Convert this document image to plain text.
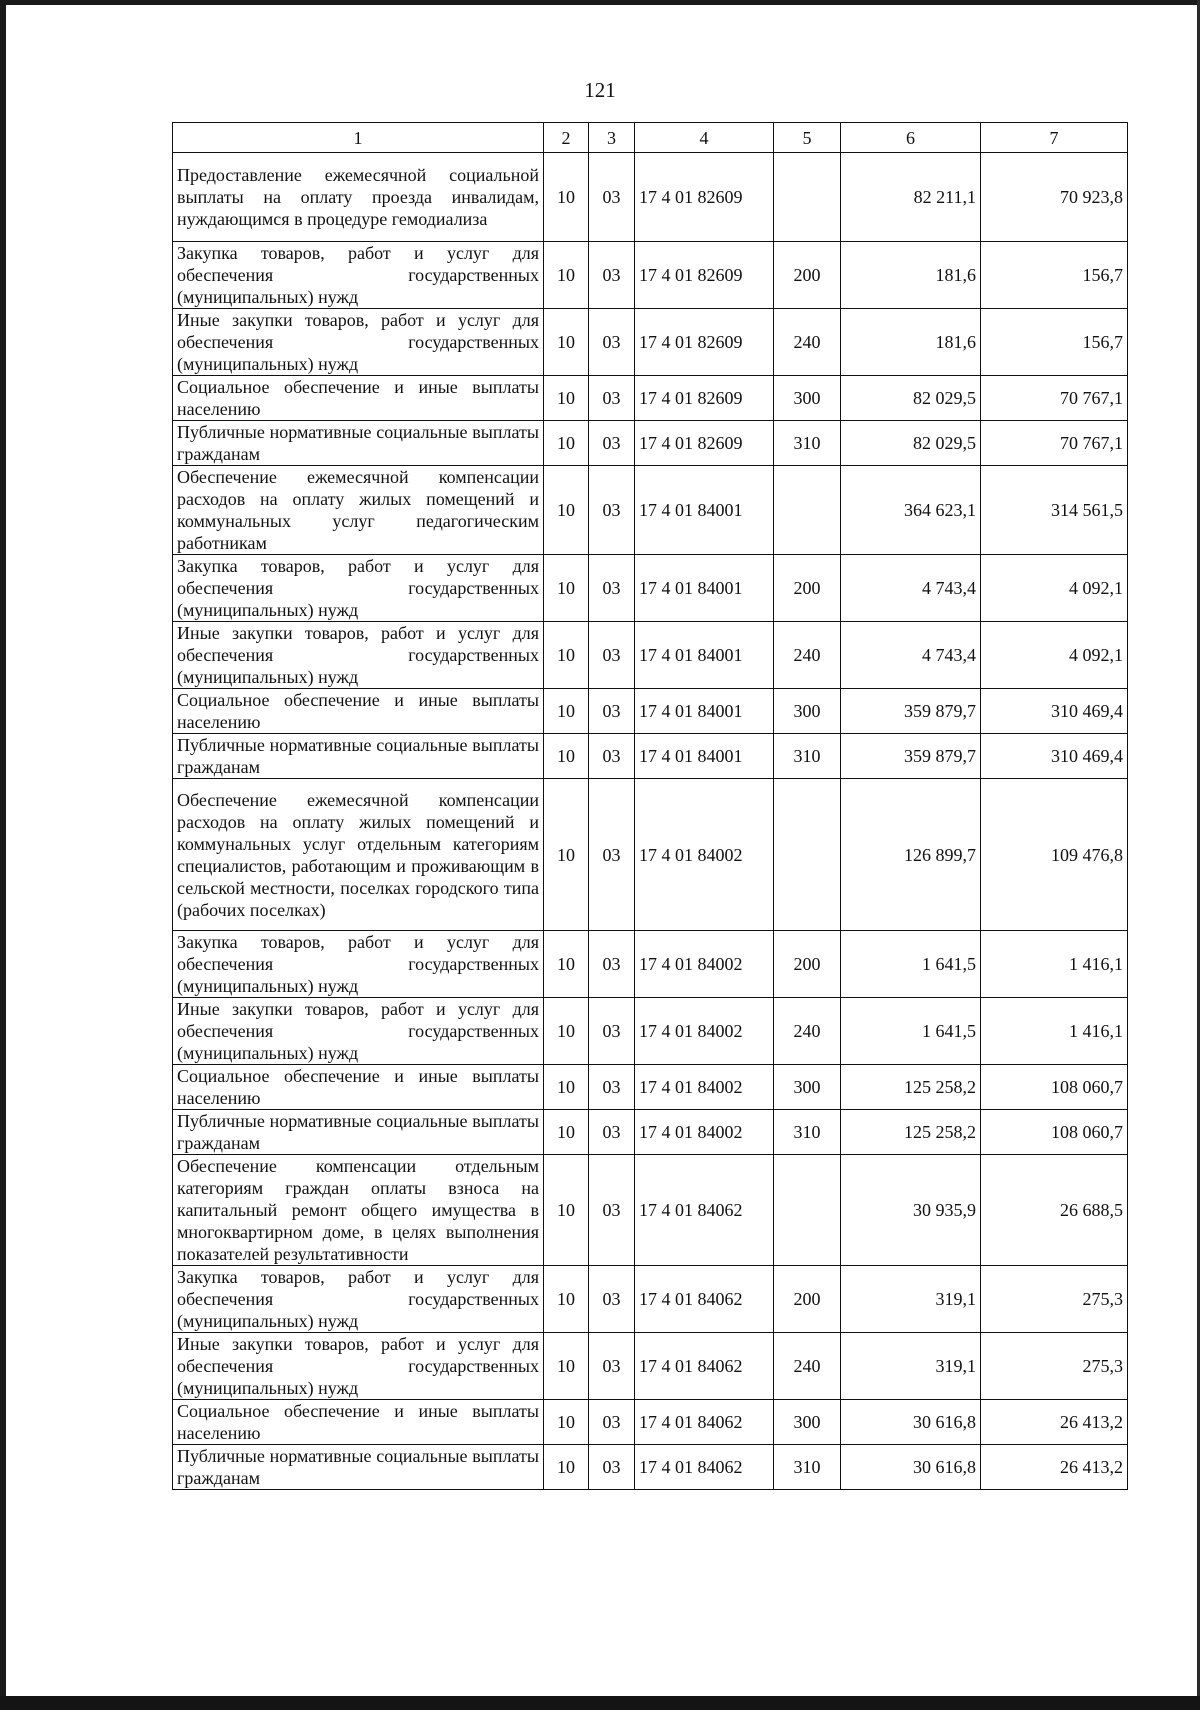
121
1	2	3	4	5	6	7
Предоставление ежемесячной социальной выплаты на оплату проезда инвалидам, нуждающимся в процедуре гемодиализа	10	03	17 4 01 82609		82 211,1	70 923,8
Закупка товаров, работ и услуг для обеспечения государственных (муниципальных) нужд	10	03	17 4 01 82609	200	181,6	156,7
Иные закупки товаров, работ и услуг для обеспечения государственных (муниципальных) нужд	10	03	17 4 01 82609	240	181,6	156,7
Социальное обеспечение и иные выплаты населению	10	03	17 4 01 82609	300	82 029,5	70 767,1
Публичные нормативные социальные выплаты гражданам	10	03	17 4 01 82609	310	82 029,5	70 767,1
Обеспечение ежемесячной компенсации расходов на оплату жилых помещений и коммунальных услуг педагогическим работникам	10	03	17 4 01 84001		364 623,1	314 561,5
Закупка товаров, работ и услуг для обеспечения государственных (муниципальных) нужд	10	03	17 4 01 84001	200	4 743,4	4 092,1
Иные закупки товаров, работ и услуг для обеспечения государственных (муниципальных) нужд	10	03	17 4 01 84001	240	4 743,4	4 092,1
Социальное обеспечение и иные выплаты населению	10	03	17 4 01 84001	300	359 879,7	310 469,4
Публичные нормативные социальные выплаты гражданам	10	03	17 4 01 84001	310	359 879,7	310 469,4
Обеспечение ежемесячной компенсации расходов на оплату жилых помещений и коммунальных услуг отдельным категориям специалистов, работающим и проживающим в сельской местности, поселках городского типа (рабочих поселках)	10	03	17 4 01 84002		126 899,7	109 476,8
Закупка товаров, работ и услуг для обеспечения государственных (муниципальных) нужд	10	03	17 4 01 84002	200	1 641,5	1 416,1
Иные закупки товаров, работ и услуг для обеспечения государственных (муниципальных) нужд	10	03	17 4 01 84002	240	1 641,5	1 416,1
Социальное обеспечение и иные выплаты населению	10	03	17 4 01 84002	300	125 258,2	108 060,7
Публичные нормативные социальные выплаты гражданам	10	03	17 4 01 84002	310	125 258,2	108 060,7
Обеспечение компенсации отдельным категориям граждан оплаты взноса на капитальный ремонт общего имущества в многоквартирном доме, в целях выполнения показателей результативности	10	03	17 4 01 84062		30 935,9	26 688,5
Закупка товаров, работ и услуг для обеспечения государственных (муниципальных) нужд	10	03	17 4 01 84062	200	319,1	275,3
Иные закупки товаров, работ и услуг для обеспечения государственных (муниципальных) нужд	10	03	17 4 01 84062	240	319,1	275,3
Социальное обеспечение и иные выплаты населению	10	03	17 4 01 84062	300	30 616,8	26 413,2
Публичные нормативные социальные выплаты гражданам	10	03	17 4 01 84062	310	30 616,8	26 413,2
